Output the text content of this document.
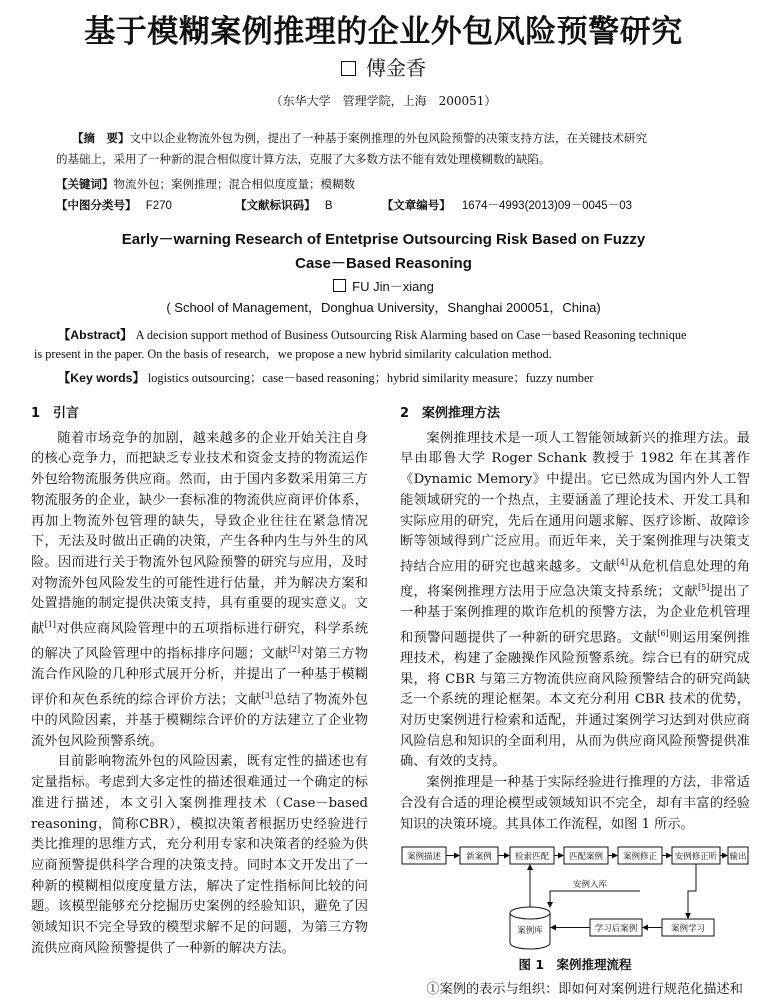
基于模糊案例推理的企业外包风险预警研究
傅金香
（东华大学　管理学院，上海　200051）
【摘　要】文中以企业物流外包为例，提出了一种基于案例推理的外包风险预警的决策支持方法，在关键技术研究
的基础上，采用了一种新的混合相似度计算方法，克服了大多数方法不能有效处理模糊数的缺陷。
【关键词】物流外包；案例推理；混合相似度度量；模糊数
【中图分类号】 F270	【文献标识码】 B	【文章编号】 1674－4993(2013)09－0045－03
Early－warning Research of Entetprise Outsourcing Risk Based on Fuzzy
Case－Based Reasoning
FU Jin－xiang
( School of Management，Donghua University，Shanghai 200051，China)
【Abstract】 A decision support method of Business Outsourcing Risk Alarming based on Case－based Reasoning technique
is present in the paper. On the basis of research，we propose a new hybrid similarity calculation method.
【Key words】 logistics outsourcing；case－based reasoning；hybrid similarity measure；fuzzy number
1　引言

随着市场竞争的加剧，越来越多的企业开始关注自身的核心竞争力，而把缺乏专业技术和资金支持的物流运作外包给物流服务供应商。然而，由于国内多数采用第三方物流服务的企业，缺少一套标准的物流供应商评价体系，再加上物流外包管理的缺失，导致企业往往在紧急情况下，无法及时做出正确的决策，产生各种内生与外生的风险。因而进行关于物流外包风险预警的研究与应用，及时对物流外包风险发生的可能性进行估量，并为解决方案和处置措施的制定提供决策支持，具有重要的现实意义。文献[1]对供应商风险管理中的五项指标进行研究，科学系统的解决了风险管理中的指标排序问题；文献[2]对第三方物流合作风险的几种形式展开分析，并提出了一种基于模糊评价和灰色系统的综合评价方法；文献[3]总结了物流外包中的风险因素，并基于模糊综合评价的方法建立了企业物流外包风险预警系统。

目前影响物流外包的风险因素，既有定性的描述也有定量指标。考虑到大多定性的描述很难通过一个确定的标准进行描述，本文引入案例推理技术（Case－based reasoning，简称CBR），模拟决策者根据历史经验进行类比推理的思维方式，充分利用专家和决策者的经验为供应商预警提供科学合理的决策支持。同时本文开发出了一种新的模糊相似度度量方法，解决了定性指标间比较的问题。该模型能够充分挖掘历史案例的经验知识，避免了因领域知识不完全导致的模型求解不足的问题，为第三方物流供应商风险预警提供了一种新的解决方法。

2　案例推理方法

案例推理技术是一项人工智能领域新兴的推理方法。最早由耶鲁大学 Roger Schank 教授于 1982 年在其著作《Dynamic Memory》中提出。它已然成为国内外人工智能领域研究的一个热点，主要涵盖了理论技术、开发工具和实际应用的研究，先后在通用问题求解、医疗诊断、故障诊断等领域得到广泛应用。而近年来，关于案例推理与决策支持结合应用的研究也越来越多。文献[4]从危机信息处理的角度，将案例推理方法用于应急决策支持系统；文献[5]提出了一种基于案例推理的欺诈危机的预警方法，为企业危机管理和预警问题提供了一种新的研究思路。文献[6]则运用案例推理技术，构建了金融操作风险预警系统。综合已有的研究成果，将 CBR 与第三方物流供应商风险预警结合的研究尚缺乏一个系统的理论框架。本文充分利用 CBR 技术的优势，对历史案例进行检索和适配，并通过案例学习达到对供应商风险信息和知识的全面利用，从而为供应商风险预警提供准确、有效的支持。

案例推理是一种基于实际经验进行推理的方法，非常适合没有合适的理论模型或领域知识不完全，却有丰富的经验知识的决策环境。其具体工作流程，如图 1 所示。

案例描述	新案例	检索匹配 匹配案例 案例修正 安例修正昕 输出
案例库	学习后案例	案例学习
安例入库
图 1　案例推理流程

①案例的表示与组织：即如何对案例进行规范化描述和
